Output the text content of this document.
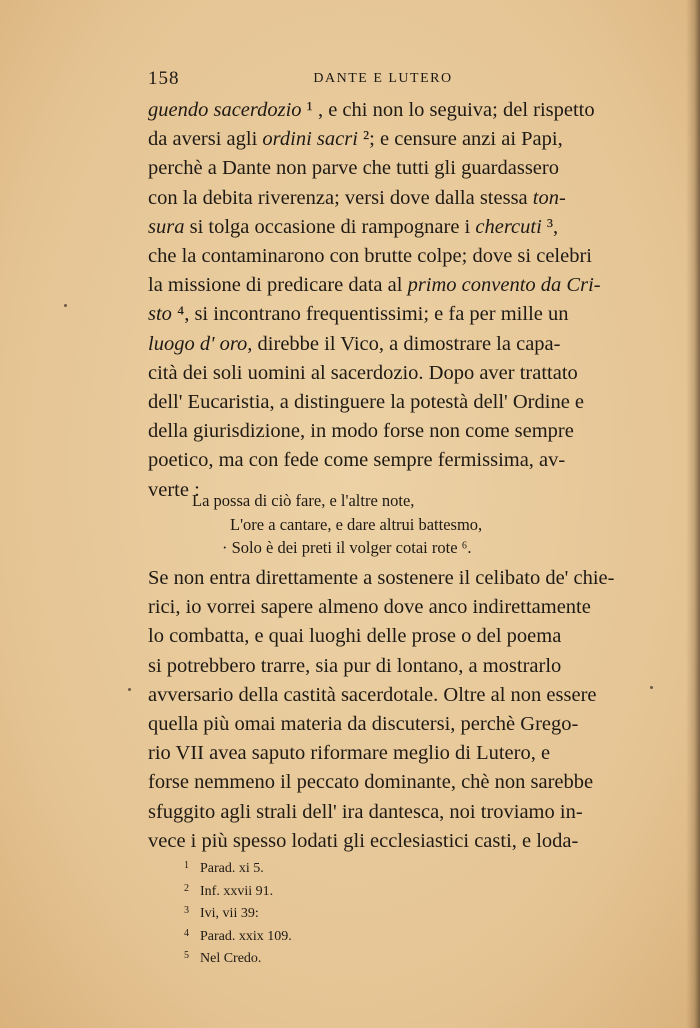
158	DANTE E LUTERO
guendo sacerdozio ¹ , e chi non lo seguiva; del rispetto
da aversi agli ordini sacri ²; e censure anzi ai Papi,
perchè a Dante non parve che tutti gli guardassero
con la debita riverenza; versi dove dalla stessa ton-
sura si tolga occasione di rampognare i chercuti ³,
che la contaminarono con brutte colpe; dove si celebri
la missione di predicare data al primo convento da Cri-
sto ⁴, si incontrano frequentissimi; e fa per mille un
luogo d' oro, direbbe il Vico, a dimostrare la capa-
cità dei soli uomini al sacerdozio. Dopo aver trattato
dell' Eucaristia, a distinguere la potestà dell' Ordine e
della giurisdizione, in modo forse non come sempre
poetico, ma con fede come sempre fermissima, av-
verte :
La possa di ciò fare, e l'altre note,
L'ore a cantare, e dare altrui battesmo,
· Solo è dei preti il volger cotai rote ⁶.
Se non entra direttamente a sostenere il celibato de' chie-
rici, io vorrei sapere almeno dove anco indirettamente
lo combatta, e quai luoghi delle prose o del poema
si potrebbero trarre, sia pur di lontano, a mostrarlo
avversario della castità sacerdotale. Oltre al non essere
quella più omai materia da discutersi, perchè Grego-
rio VII avea saputo riformare meglio di Lutero, e
forse nemmeno il peccato dominante, chè non sarebbe
sfuggito agli strali dell' ira dantesca, noi troviamo in-
vece i più spesso lodati gli ecclesiastici casti, e loda-
1 Parad. xi 5.
2 Inf. xxvii 91.
3 Ivi, vii 39:
4 Parad. xxix 109.
5 Nel Credo.
